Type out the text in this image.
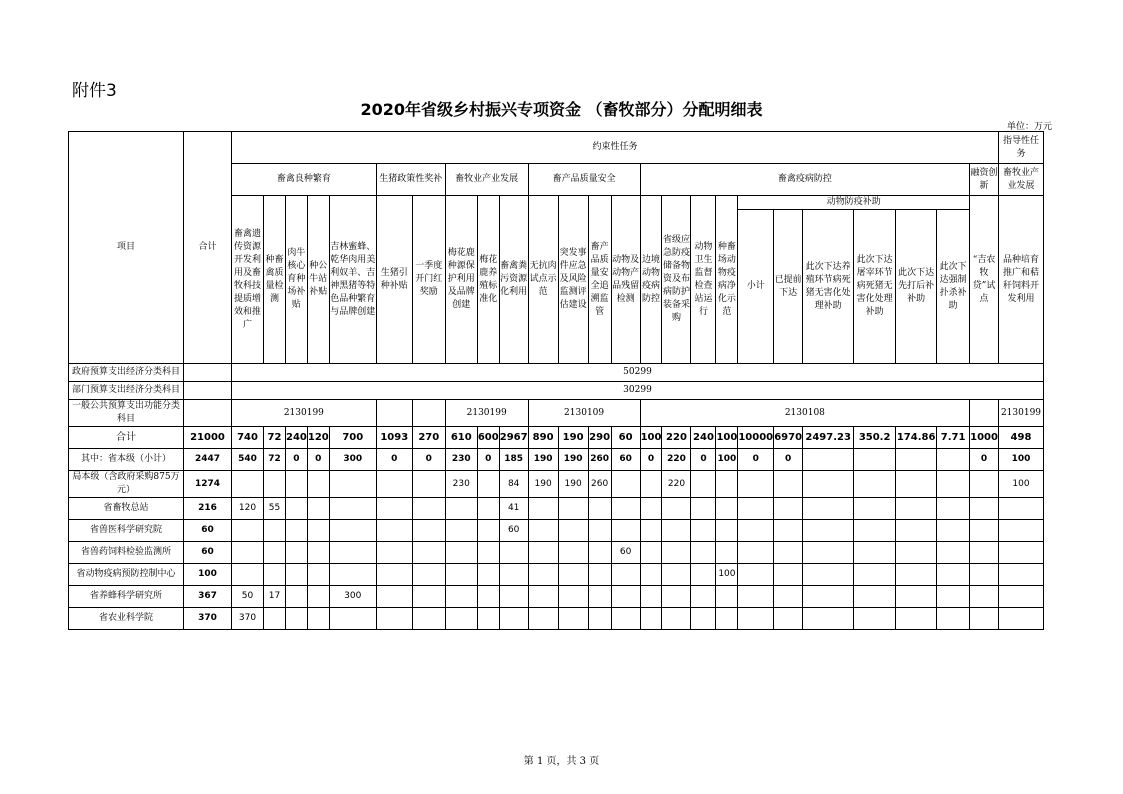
附件3
2020年省级乡村振兴专项资金 （畜牧部分）分配明细表
单位：万元
项目	合计	约束性任务																									指导性任务
		畜禽良种繁育					生猪政策性奖补		畜牧业产业发展			畜产品质量安全				畜禽疫病防控										融资创新	畜牧业产业发展
		畜禽遗传资源开发利用及畜牧科技提质增效和推广	种畜禽质量检测	肉牛核心育种场补贴	种公牛站补贴	吉林蜜蜂、乾华肉用美利奴羊、吉神黑猪等特色品种繁育与品牌创建	生猪引种补贴	一季度开门红奖励	梅花鹿种源保护利用及品牌创建	梅花鹿养殖标准化	畜禽粪污资源化利用	无抗肉试点示范	突发事件应急及风险监测评估建设	畜产品质量安全追溯监管	动物及动物产品残留检测	边境动物疫病防控	省级应急防疫储备物资及布病防护装备采购	动物卫生监督检查站运行	种畜场动物疫病净化示范	动物防疫补助						“吉农牧贷”试点	品种培育推广和秸秆饲料开发利用
																				小计	已提前下达	此次下达养殖环节病死猪无害化处理补助	此次下达屠宰环节病死猪无害化处理补助	此次下达先打后补补助	此次下达强制扑杀补助		
政府预算支出经济分类科目		50299																									
部门预算支出经济分类科目		30299																									
一般公共预算支出功能分类科目		2130199							2130199			2130109				2130108											2130199
合计	21000	740	72	240	120	700	1093	270	610	600	2967	890	190	290	60	100	220	240	100	10000	6970	2497.23	350.2	174.86	7.71	1000	498
其中：省本级（小计）	2447	540	72	0	0	300	0	0	230	0	185	190	190	260	60	0	220	0	100	0	0					0	100
局本级（含政府采购875万元）	1274								230		84	190	190	260			220										100
省畜牧总站	216	120	55								41																
省兽医科学研究院	60										60																
省兽药饲料检验监测所	60														60												
省动物疫病预防控制中心	100																		100								
省养蜂科学研究所	367	50	17			300																					
省农业科学院	370	370																									
第 1 页，共 3 页
